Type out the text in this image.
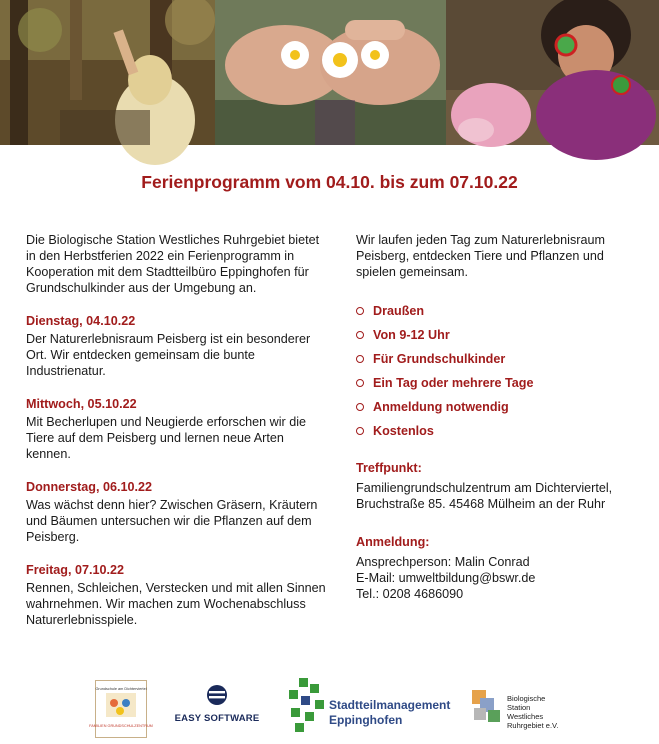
Ferienprogramm vom 04.10. bis zum 07.10.22

Die Biologische Station Westliches Ruhrgebiet bietet in den Herbstferien 2022 ein Ferienprogramm in Kooperation mit dem Stadtteilbüro Eppinghofen für Grundschulkinder aus der Umgebung an.

Dienstag, 04.10.22

Der Naturerlebnisraum Peisberg ist ein besonderer Ort. Wir entdecken gemeinsam die bunte Industrienatur.

Mittwoch, 05.10.22

Mit Becherlupen und Neugierde erforschen wir die Tiere auf dem Peisberg und lernen neue Arten kennen.

Donnerstag, 06.10.22

Was wächst denn hier? Zwischen Gräsern, Kräutern und Bäumen untersuchen wir die Pflanzen auf dem Peisberg.

Freitag, 07.10.22

Rennen, Schleichen, Verstecken und mit allen Sinnen wahrnehmen. Wir machen zum Wochenabschluss Naturerlebnisspiele.

Wir laufen jeden Tag zum Naturerlebnisraum Peisberg, entdecken Tiere und Pflanzen und spielen gemeinsam.

Draußen
Von 9-12 Uhr
Für Grundschulkinder
Ein Tag oder mehrere Tage
Anmeldung notwendig
Kostenlos
Treffpunkt:

Familiengrundschulzentrum am Dichterviertel,

Bruchstraße 85. 45468 Mülheim an der Ruhr

Anmeldung:

Ansprechperson: Malin Conrad

E-Mail: umweltbildung@bswr.de

Tel.: 0208 4686090

Grundschule am Dichterviertel
FAMILIEN GRUNDSCHULZENTRUM
EASY SOFTWARE
Stadtteilmanagement
Eppinghofen
Biologische
Station
Westliches
Ruhrgebiet e.V.
